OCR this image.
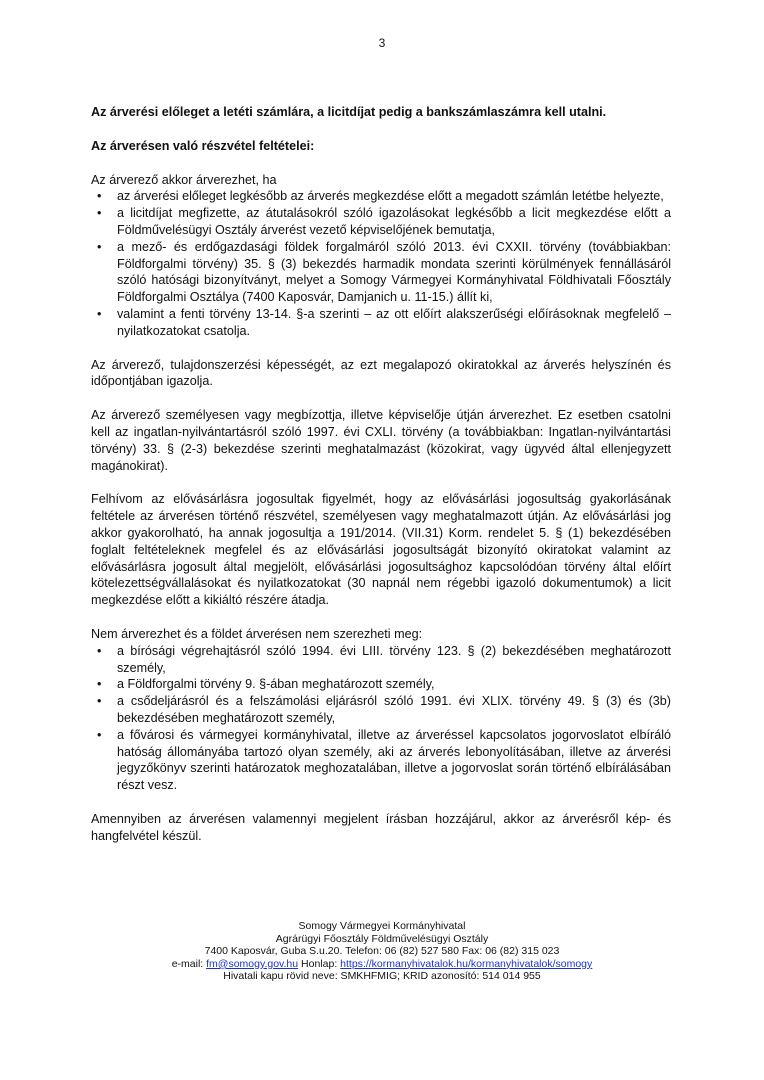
3

Az árverési előleget a letéti számlára, a licitdíjat pedig a bankszámlaszámra kell utalni.

Az árverésen való részvétel feltételei:

Az árverező akkor árverezhet, ha

• az árverési előleget legkésőbb az árverés megkezdése előtt a megadott számlán letétbe helyezte,
• a licitdíjat megfizette, az átutalásokról szóló igazolásokat legkésőbb a licit megkezdése előtt a Földművelésügyi Osztály árverést vezető képviselőjének bemutatja,
• a mező- és erdőgazdasági földek forgalmáról szóló 2013. évi CXXII. törvény (továbbiakban: Földforgalmi törvény) 35. § (3) bekezdés harmadik mondata szerinti körülmények fennállásáról szóló hatósági bizonyítványt, melyet a Somogy Vármegyei Kormányhivatal Földhivatali Főosztály Földforgalmi Osztálya (7400 Kaposvár, Damjanich u. 11-15.) állít ki,
• valamint a fenti törvény 13-14. §-a szerinti – az ott előírt alakszerűségi előírásoknak megfelelő – nyilatkozatokat csatolja.

Az árverező, tulajdonszerzési képességét, az ezt megalapozó okiratokkal az árverés helyszínén és időpontjában igazolja.

Az árverező személyesen vagy megbízottja, illetve képviselője útján árverezhet. Ez esetben csatolni kell az ingatlan-nyilvántartásról szóló 1997. évi CXLI. törvény (a továbbiakban: Ingatlan-nyilvántartási törvény) 33. § (2-3) bekezdése szerinti meghatalmazást (közokirat, vagy ügyvéd által ellenjegyzett magánokirat).

Felhívom az elővásárlásra jogosultak figyelmét, hogy az elővásárlási jogosultság gyakorlásának feltétele az árverésen történő részvétel, személyesen vagy meghatalmazott útján. Az elővásárlási jog akkor gyakorolható, ha annak jogosultja a 191/2014. (VII.31) Korm. rendelet 5. § (1) bekezdésében foglalt feltételeknek megfelel és az elővásárlási jogosultságát bizonyító okiratokat valamint az elővásárlásra jogosult által megjelölt, elővásárlási jogosultsághoz kapcsolódóan törvény által előírt kötelezettségvállalásokat és nyilatkozatokat (30 napnál nem régebbi igazoló dokumentumok) a licit megkezdése előtt a kikiáltó részére átadja.

Nem árverezhet és a földet árverésen nem szerezheti meg:

• a bírósági végrehajtásról szóló 1994. évi LIII. törvény 123. § (2) bekezdésében meghatározott személy,
• a Földforgalmi törvény 9. §-ában meghatározott személy,
• a csődeljárásról és a felszámolási eljárásról szóló 1991. évi XLIX. törvény 49. § (3) és (3b) bekezdésében meghatározott személy,
• a fővárosi és vármegyei kormányhivatal, illetve az árveréssel kapcsolatos jogorvoslatot elbíráló hatóság állományába tartozó olyan személy, aki az árverés lebonyolításában, illetve az árverési jegyzőkönyv szerinti határozatok meghozatalában, illetve a jogorvoslat során történő elbírálásában részt vesz.

Amennyiben az árverésen valamennyi megjelent írásban hozzájárul, akkor az árverésről kép- és hangfelvétel készül.

Somogy Vármegyei Kormányhivatal
Agrárügyi Főosztály Földművelésügyi Osztály
7400 Kaposvár, Guba S.u.20. Telefon: 06 (82) 527 580 Fax: 06 (82) 315 023
e-mail: fm@somogy.gov.hu Honlap: https://kormanyhivatalok.hu/kormanyhivatalok/somogy
Hivatali kapu rövid neve: SMKHFMIG; KRID azonosító: 514 014 955
